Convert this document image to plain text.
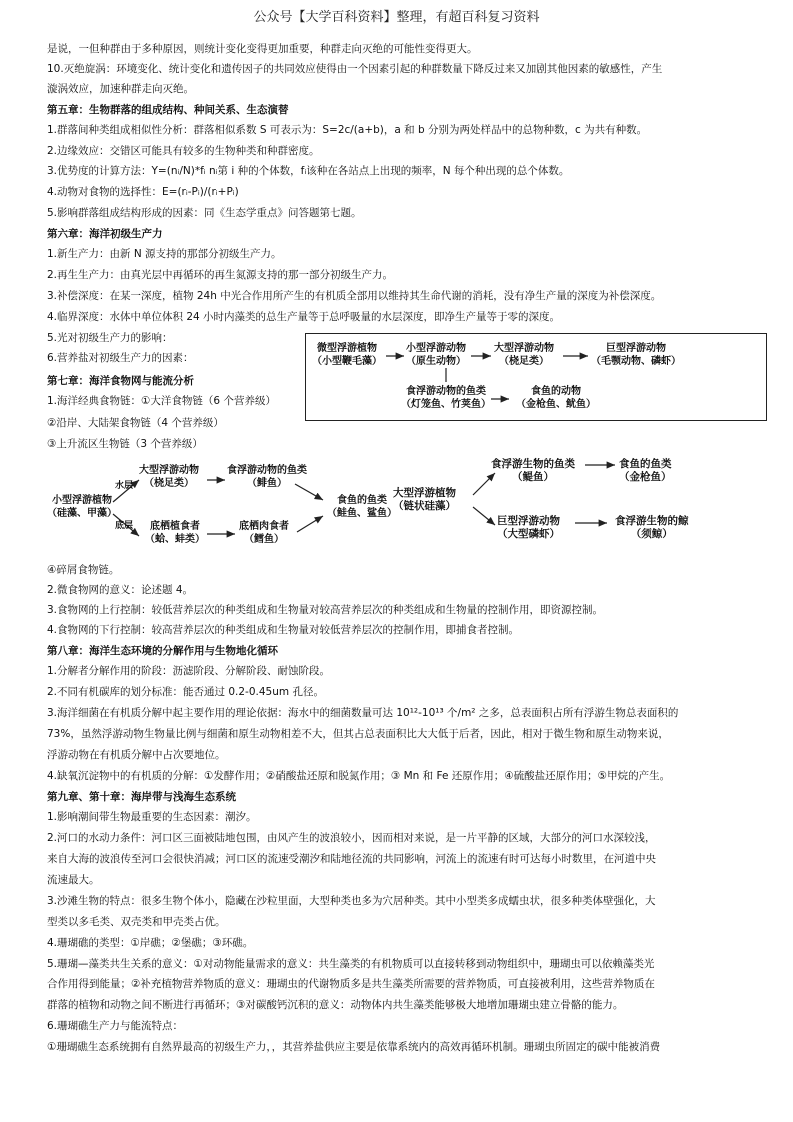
公众号【大学百科资料】整理，有超百科复习资料
是说，一但种群由于多种原因，则统计变化变得更加重要，种群走向灭绝的可能性变得更大。
10.灭绝旋涡：环境变化、统计变化和遗传因子的共同效应使得由一个因素引起的种群数量下降反过来又加剧其他因素的敏感性，产生
漩涡效应，加速种群走向灭绝。
第五章：生物群落的组成结构、种间关系、生态演替
1.群落间种类组成相似性分析：群落相似系数 S 可表示为：S=2c/(a+b)，a 和 b 分别为两处样品中的总物种数，c 为共有种数。
2.边缘效应：交错区可能具有较多的生物种类和种群密度。
3.优势度的计算方法：Y=(nᵢ/N)*fᵢ nᵢ第 i 种的个体数，fᵢ该种在各站点上出现的频率，N 每个种出现的总个体数。
4.动物对食物的选择性：E=(rᵢ-Pᵢ)/(rᵢ+Pᵢ)
5.影响群落组成结构形成的因素：同《生态学重点》问答题第七题。
第六章：海洋初级生产力
1.新生产力：由新 N 源支持的那部分初级生产力。
2.再生生产力：由真光层中再循环的再生氮源支持的那一部分初级生产力。
3.补偿深度：在某一深度，植物 24h 中光合作用所产生的有机质全部用以维持其生命代谢的消耗，没有净生产量的深度为补偿深度。
4.临界深度：水体中单位体积 24 小时内藻类的总生产量等于总呼吸量的水层深度，即净生产量等于零的深度。
5.光对初级生产力的影响：
6.营养盐对初级生产力的因素：
第七章：海洋食物网与能流分析
1.海洋经典食物链：①大洋食物链（6 个营养级）
②沿岸、大陆架食物链（4 个营养级）
③上升流区生物链（3 个营养级）
④碎屑食物链。
2.微食物网的意义：论述题 4。
3.食物网的上行控制：较低营养层次的种类组成和生物量对较高营养层次的种类组成和生物量的控制作用，即资源控制。
4.食物网的下行控制：较高营养层次的种类组成和生物量对较低营养层次的控制作用，即捕食者控制。
第八章：海洋生态环境的分解作用与生物地化循环
1.分解者分解作用的阶段：沥滤阶段、分解阶段、耐蚀阶段。
2.不同有机碳库的划分标准：能否通过 0.2-0.45um 孔径。
3.海洋细菌在有机质分解中起主要作用的理论依据：海水中的细菌数量可达 10¹²-10¹³ 个/m² 之多，总表面积占所有浮游生物总表面积的
73%，虽然浮游动物生物量比例与细菌和原生动物相差不大，但其占总表面积比大大低于后者，因此，相对于微生物和原生动物来说，
浮游动物在有机质分解中占次要地位。
4.缺氧沉淀物中的有机质的分解：①发酵作用；②硝酸盐还原和脱氮作用；③ Mn 和 Fe 还原作用；④硫酸盐还原作用；⑤甲烷的产生。
第九章、第十章：海岸带与浅海生态系统
1.影响潮间带生物最重要的生态因素：潮汐。
2.河口的水动力条件：河口区三面被陆地包围，由风产生的波浪较小，因而相对来说，是一片平静的区域，大部分的河口水深较浅，
来自大海的波浪传至河口会很快消减；河口区的流速受潮汐和陆地径流的共同影响，河流上的流速有时可达每小时数里，在河道中央
流速最大。
3.沙滩生物的特点：很多生物个体小，隐藏在沙粒里面，大型种类也多为穴居种类。其中小型类多成蠕虫状，很多种类体壁强化，大
型类以多毛类、双壳类和甲壳类占优。
4.珊瑚礁的类型：①岸礁；②堡礁；③环礁。
5.珊瑚—藻类共生关系的意义：①对动物能量需求的意义：共生藻类的有机物质可以直接转移到动物组织中，珊瑚虫可以依赖藻类光
合作用得到能量；②补充植物营养物质的意义：珊瑚虫的代谢物质多是共生藻类所需要的营养物质，可直接被利用，这些营养物质在
群落的植物和动物之间不断进行再循环；③对碳酸钙沉积的意义：动物体内共生藻类能够极大地增加珊瑚虫建立骨骼的能力。
6.珊瑚礁生产力与能流特点：
①珊瑚礁生态系统拥有自然界最高的初级生产力，，其营养盐供应主要是依靠系统内的高效再循环机制。珊瑚虫所固定的碳中能被消费
微型浮游植物
（小型鞭毛藻）
小型浮游动物
（原生动物）
大型浮游动物
（桡足类）
巨型浮游动物
（毛颚动物、磷虾）
食浮游动物的鱼类
（灯笼鱼、竹荚鱼）
食鱼的动物
（金枪鱼、鱿鱼）
小型浮游植物
（硅藻、甲藻）
水层
底层
大型浮游动物
（桡足类）
食浮游动物的鱼类
（鲱鱼）
底栖植食者
（蛤、蚌类）
底栖肉食者
（鳕鱼）
食鱼的鱼类
（鲑鱼、鲨鱼）
大型浮游植物
（链状硅藻）
食浮游生物的鱼类
（鳀鱼）
食鱼的鱼类
（金枪鱼）
巨型浮游动物
（大型磷虾）
食浮游生物的鲸
（须鲸）
